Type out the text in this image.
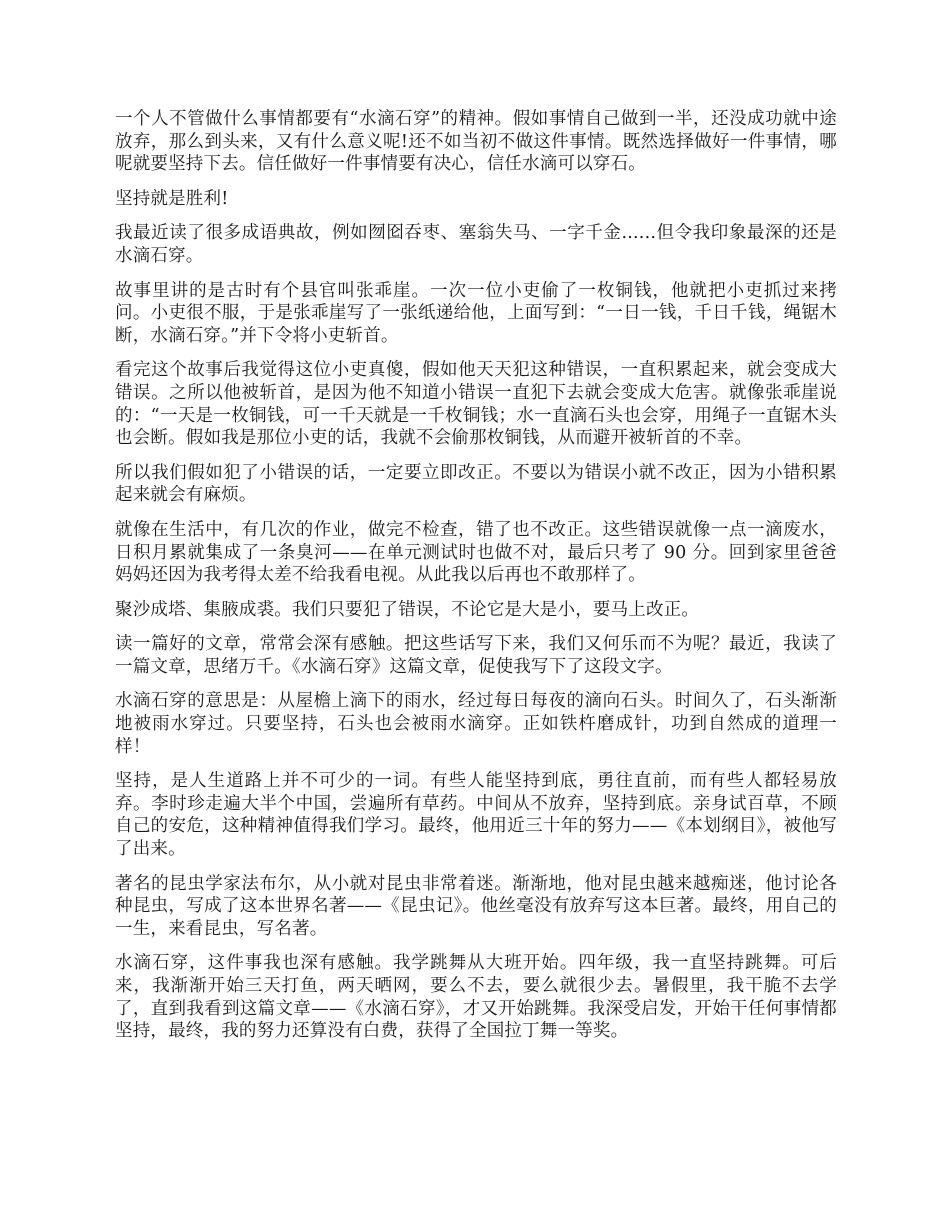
一个人不管做什么事情都要有“水滴石穿”的精神。假如事情自己做到一半，还没成功就中途放弃，那么到头来，又有什么意义呢!还不如当初不做这件事情。既然选择做好一件事情，哪呢就要坚持下去。信任做好一件事情要有决心，信任水滴可以穿石。

坚持就是胜利!

我最近读了很多成语典故，例如囫囵吞枣、塞翁失马、一字千金......但令我印象最深的还是水滴石穿。

故事里讲的是古时有个县官叫张乖崖。一次一位小吏偷了一枚铜钱，他就把小吏抓过来拷问。小吏很不服，于是张乖崖写了一张纸递给他，上面写到：“一日一钱，千日千钱，绳锯木断，水滴石穿。”并下令将小吏斩首。

看完这个故事后我觉得这位小吏真傻，假如他天天犯这种错误，一直积累起来，就会变成大错误。之所以他被斩首，是因为他不知道小错误一直犯下去就会变成大危害。就像张乖崖说的：“一天是一枚铜钱，可一千天就是一千枚铜钱；水一直滴石头也会穿，用绳子一直锯木头也会断。假如我是那位小吏的话，我就不会偷那枚铜钱，从而避开被斩首的不幸。

所以我们假如犯了小错误的话，一定要立即改正。不要以为错误小就不改正，因为小错积累起来就会有麻烦。

就像在生活中，有几次的作业，做完不检查，错了也不改正。这些错误就像一点一滴废水，日积月累就集成了一条臭河——在单元测试时也做不对，最后只考了 90 分。回到家里爸爸妈妈还因为我考得太差不给我看电视。从此我以后再也不敢那样了。

聚沙成塔、集腋成裘。我们只要犯了错误，不论它是大是小，要马上改正。

读一篇好的文章，常常会深有感触。把这些话写下来，我们又何乐而不为呢？最近，我读了一篇文章，思绪万千。《水滴石穿》这篇文章，促使我写下了这段文字。

水滴石穿的意思是：从屋檐上滴下的雨水，经过每日每夜的滴向石头。时间久了，石头渐渐地被雨水穿过。只要坚持，石头也会被雨水滴穿。正如铁杵磨成针，功到自然成的道理一样！

坚持，是人生道路上并不可少的一词。有些人能坚持到底，勇往直前，而有些人都轻易放弃。李时珍走遍大半个中国，尝遍所有草药。中间从不放弃，坚持到底。亲身试百草，不顾自己的安危，这种精神值得我们学习。最终，他用近三十年的努力——《本划纲目》，被他写了出来。

著名的昆虫学家法布尔，从小就对昆虫非常着迷。渐渐地，他对昆虫越来越痴迷，他讨论各种昆虫，写成了这本世界名著——《昆虫记》。他丝毫没有放弃写这本巨著。最终，用自己的一生，来看昆虫，写名著。

水滴石穿，这件事我也深有感触。我学跳舞从大班开始。四年级，我一直坚持跳舞。可后来，我渐渐开始三天打鱼，两天晒网，要么不去，要么就很少去。暑假里，我干脆不去学了，直到我看到这篇文章——《水滴石穿》，才又开始跳舞。我深受启发，开始干任何事情都坚持，最终，我的努力还算没有白费，获得了全国拉丁舞一等奖。
